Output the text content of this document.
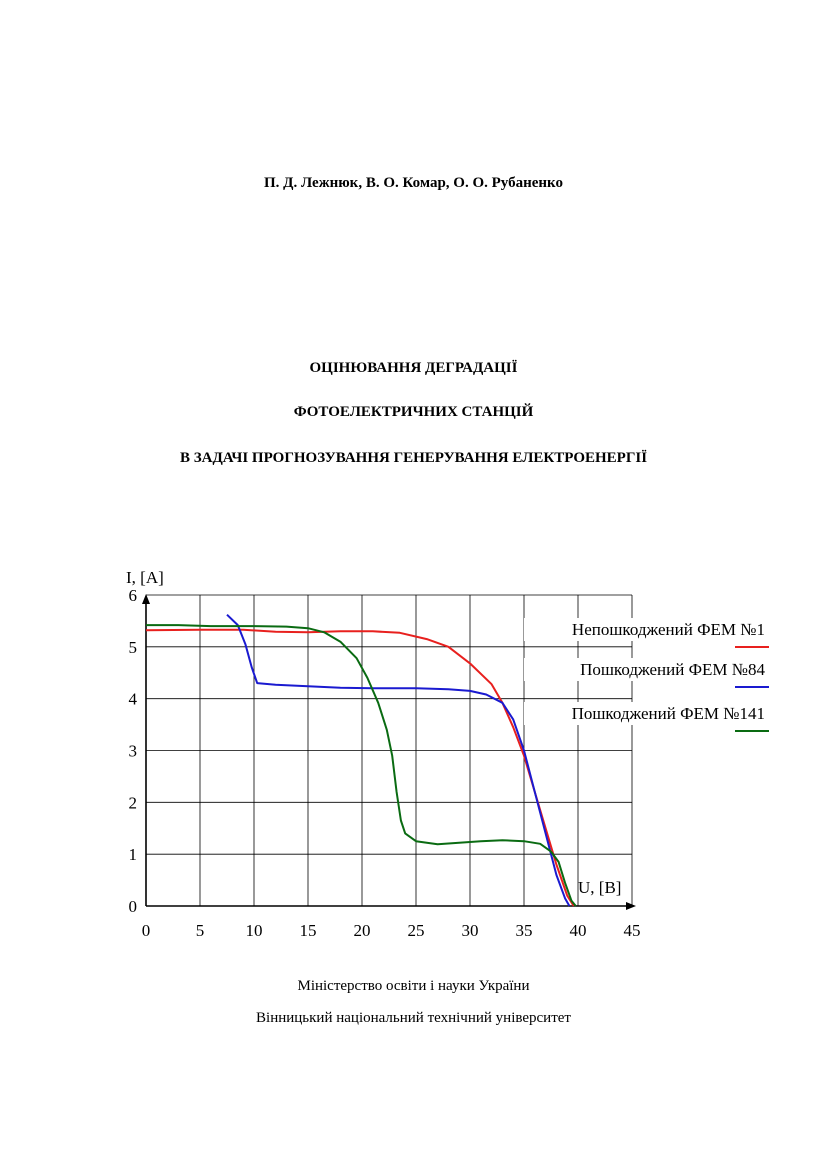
П. Д. Лежнюк, В. О. Комар, О. О. Рубаненко
ОЦІНЮВАННЯ ДЕГРАДАЦІЇ
ФОТОЕЛЕКТРИЧНИХ СТАНЦІЙ
В ЗАДАЧІ ПРОГНОЗУВАННЯ ГЕНЕРУВАННЯ ЕЛЕКТРОЕНЕРГІЇ
0	5 10 15 20 25 30 35 40 45
0
1
2
3
4
5
6
Непошкоджений ФЕМ №1
Пошкоджений ФЕМ №84
Пошкоджений ФЕМ №141
I, [А]
U, [В]
Міністерство освіти і науки України
Вінницький національний технічний університет
